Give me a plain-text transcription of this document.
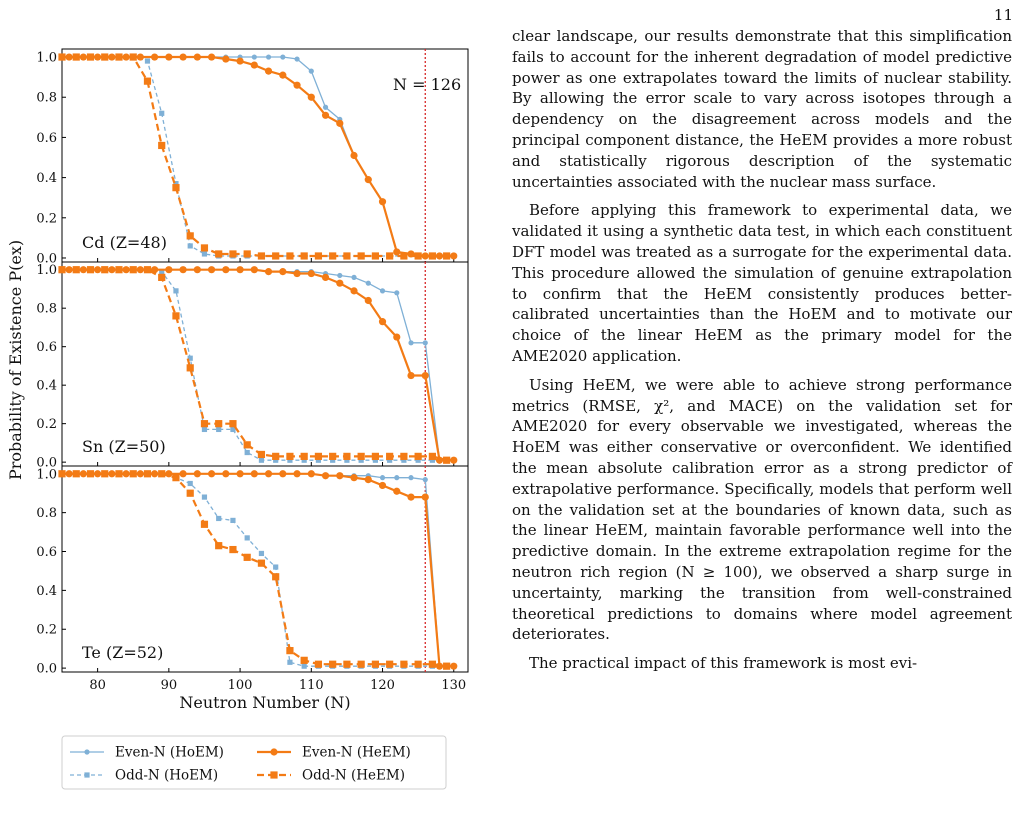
11
0.0
0.2
0.4
0.6
0.8
1.0
Cd (Z=48)
0.0
0.2
0.4
0.6
0.8
1.0
Sn (Z=50)
0.0
0.2
0.4
0.6
0.8
1.0
80	90	100	110	120	130
Te (Z=52)
N = 126
Probability of Existence P(ex)
Neutron Number (N)
Even-N (HoEM)
Odd-N (HoEM)
Even-N (HeEM)
Odd-N (HeEM)

clear landscape, our results demonstrate that this simplification fails to account for the inherent degradation of model predictive power as one extrapolates toward the limits of nuclear stability. By allowing the error scale to vary across isotopes through a dependency on the disagreement across models and the principal component distance, the HeEM provides a more robust and statistically rigorous description of the systematic uncertainties associated with the nuclear mass surface.

Before applying this framework to experimental data, we validated it using a synthetic data test, in which each constituent DFT model was treated as a surrogate for the experimental data. This procedure allowed the simulation of genuine extrapolation to confirm that the HeEM consistently produces better-calibrated uncertainties than the HoEM and to motivate our choice of the linear HeEM as the primary model for the AME2020 application.

Using HeEM, we were able to achieve strong performance metrics (RMSE, χ², and MACE) on the validation set for AME2020 for every observable we investigated, whereas the HoEM was either conservative or overconfident. We identified the mean absolute calibration error as a strong predictor of extrapolative performance. Specifically, models that perform well on the validation set at the boundaries of known data, such as the linear HeEM, maintain favorable performance well into the predictive domain. In the extreme extrapolation regime for the neutron rich region (N ≥ 100), we observed a sharp surge in uncertainty, marking the transition from well-constrained theoretical predictions to domains where model agreement deteriorates.

The practical impact of this framework is most evi-
